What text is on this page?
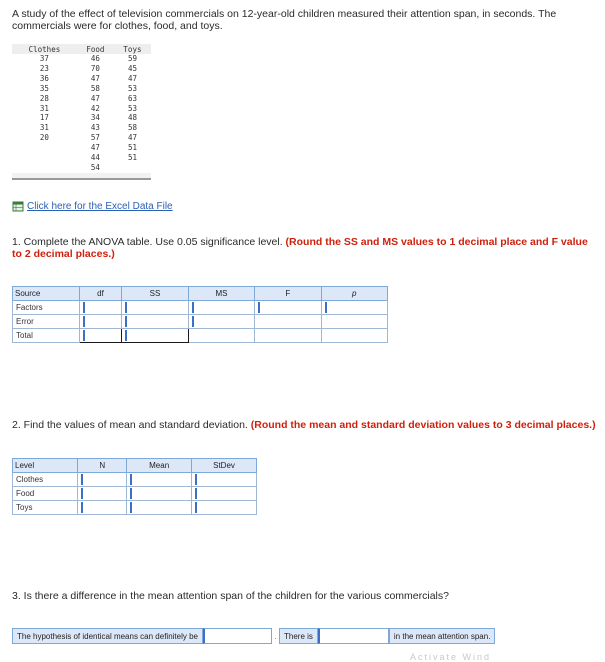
A study of the effect of television commercials on 12-year-old children measured their attention span, in seconds. The commercials were for clothes, food, and toys.
Clothes	Food	Toys
37	46	59
23	70	45
36	47	47
35	58	53
28	47	63
31	42	53
17	34	48
31	43	58
20	57	47
	47	51
	44	51
	54	
Click here for the Excel Data File
1. Complete the ANOVA table. Use 0.05 significance level. (Round the SS and MS values to 1 decimal place and F value to 2 decimal places.)
Source	df	SS	MS	F	p
Factors	

Error	

Total	

2. Find the values of mean and standard deviation. (Round the mean and standard deviation values to 3 decimal places.)
Level	N	Mean	StDev
Clothes	

Food	

Toys	

3. Is there a difference in the mean attention span of the children for the various commercials?
The hypothesis of identical means can definitely be	. There is	in the mean attention span.
Activate Wind
